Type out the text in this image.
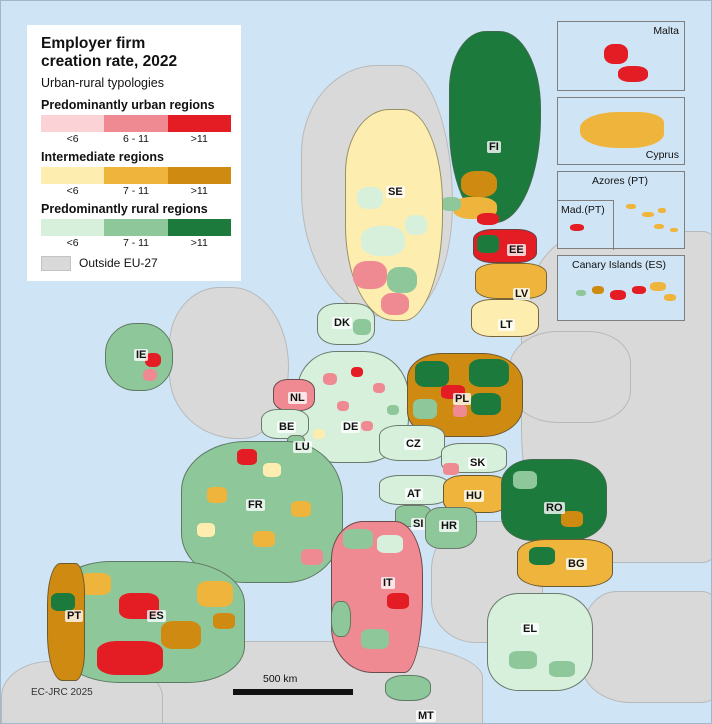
Malta
Cyprus
Azores (PT)
Mad.(PT)
Canary Islands (ES)
Employer firm
creation rate, 2022
Urban-rural typologies
Predominantly urban regions
<6	6 - 11	>11
Intermediate regions
<6	7 - 11	>11
Predominantly rural regions
<6	7 - 11	>11
Outside EU-27
FI
SE
EE
LV
LT
DK
IE
NL	PL
BE	DE
LU	CZ
SK
AT	HU
RO
FR
SI HR
BG
IT
PT	ES
EL
MT
500 km
EC-JRC 2025
